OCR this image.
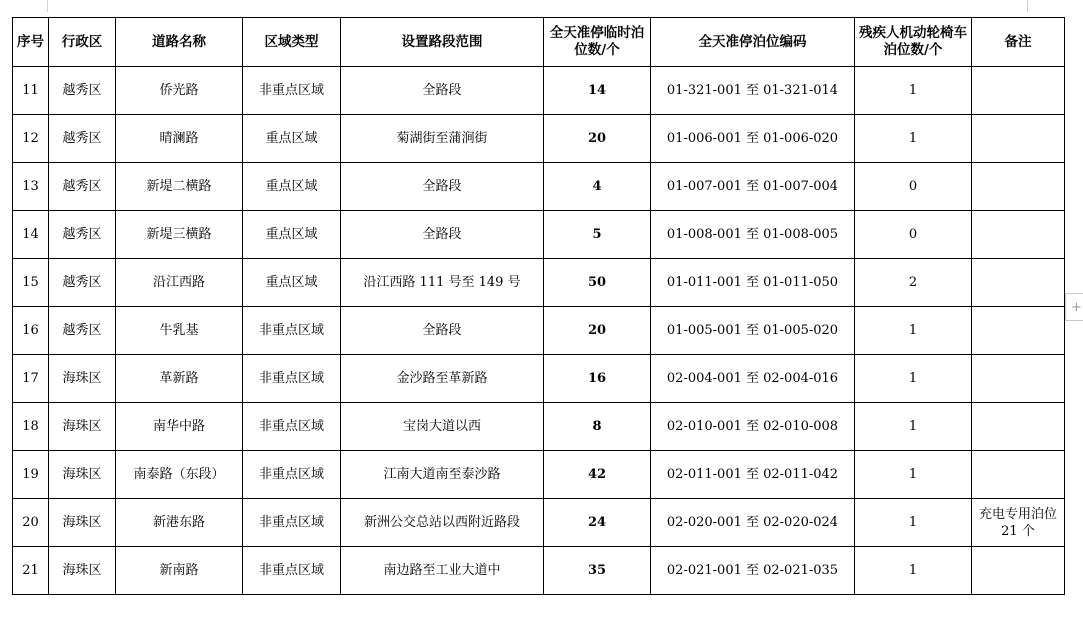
序号	行政区	道路名称	区域类型	设置路段范围	全天准停临时泊位数/个	全天准停泊位编码	残疾人机动轮椅车泊位数/个	备注
11	越秀区	侨光路	非重点区域	全路段	14	01-321-001 至 01-321-014	1	
12	越秀区	晴澜路	重点区域	菊湖街至蒲涧街	20	01-006-001 至 01-006-020	1	
13	越秀区	新堤二横路	重点区域	全路段	4	01-007-001 至 01-007-004	0	
14	越秀区	新堤三横路	重点区域	全路段	5	01-008-001 至 01-008-005	0	
15	越秀区	沿江西路	重点区域	沿江西路 111 号至 149 号	50	01-011-001 至 01-011-050	2	
16	越秀区	牛乳基	非重点区域	全路段	20	01-005-001 至 01-005-020	1	
17	海珠区	革新路	非重点区域	金沙路至革新路	16	02-004-001 至 02-004-016	1	
18	海珠区	南华中路	非重点区域	宝岗大道以西	8	02-010-001 至 02-010-008	1	
19	海珠区	南泰路（东段）	非重点区域	江南大道南至泰沙路	42	02-011-001 至 02-011-042	1	
20	海珠区	新港东路	非重点区域	新洲公交总站以西附近路段	24	02-020-001 至 02-020-024	1	充电专用泊位 21 个
21	海珠区	新南路	非重点区域	南边路至工业大道中	35	02-021-001 至 02-021-035	1	
+
